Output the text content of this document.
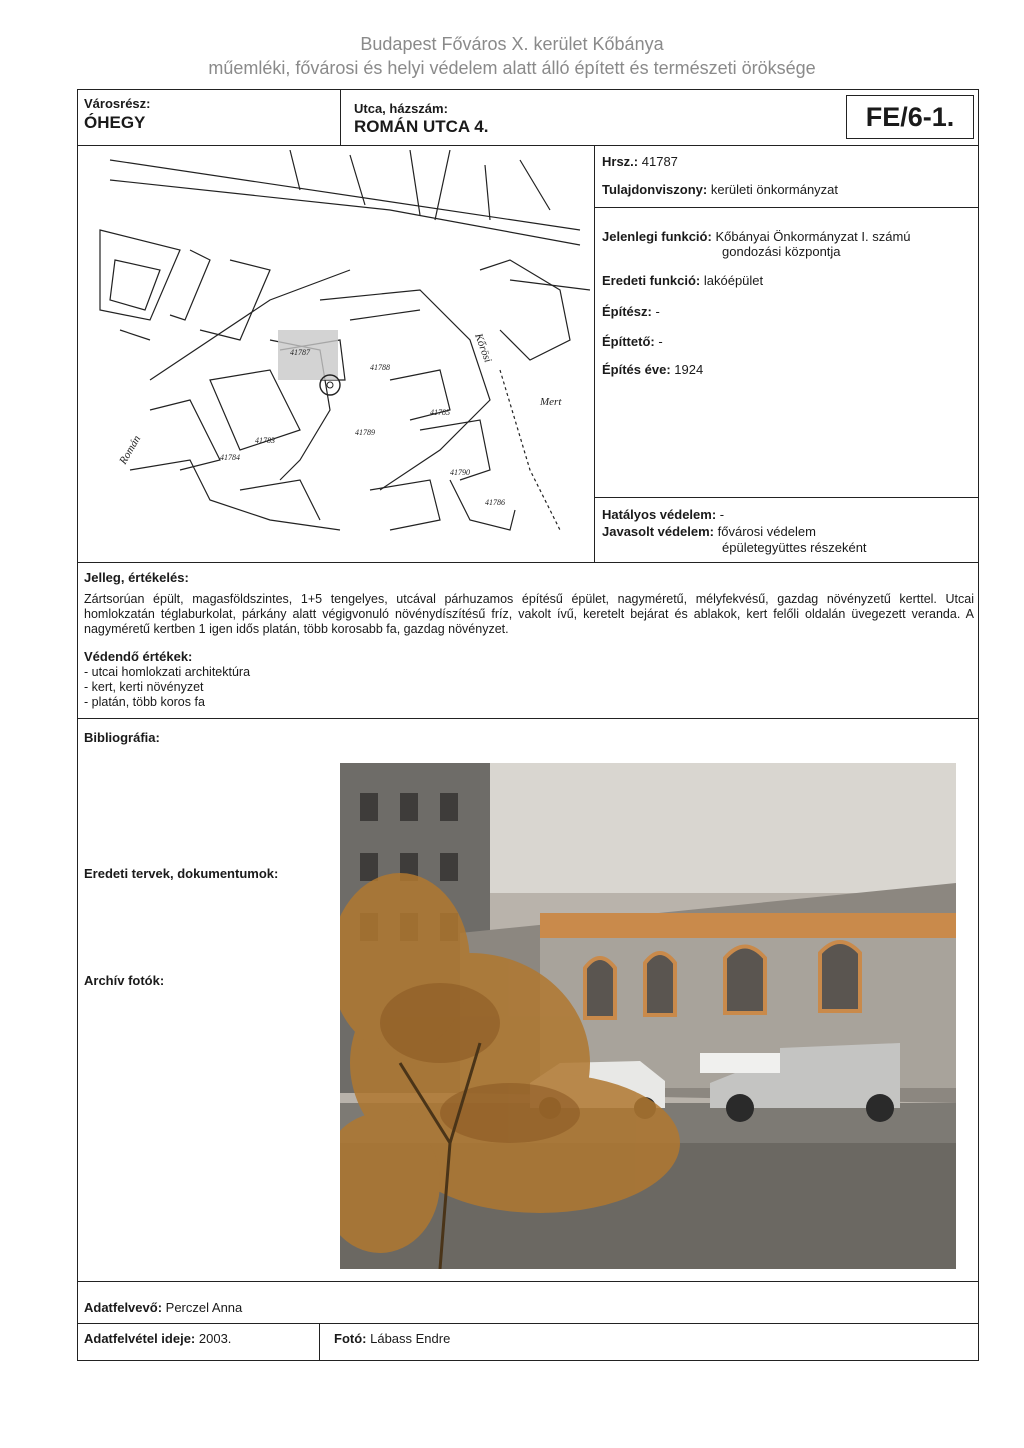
Budapest Főváros X. kerület Kőbánya
műemléki, fővárosi és helyi védelem alatt álló épített és természeti öröksége
Városrész:
ÓHEGY
Utca, házszám:
ROMÁN UTCA 4.	FE/6-1.
41787
41788
41785
41789
41783
41784
41790
41786
Mert
Kőrösi
Román
Hrsz.: 41787
Tulajdonviszony: kerületi önkormányzat
Jelenlegi funkció: Kőbányai Önkormányzat I. számú
gondozási központja
Eredeti funkció: lakóépület
Építész: -
Építtető: -
Építés éve: 1924
Hatályos védelem: -
Javasolt védelem: fővárosi védelem
épületegyüttes részeként
Jelleg, értékelés:
Zártsorúan épült, magasföldszintes, 1+5 tengelyes, utcával párhuzamos építésű épület, nagyméretű, mélyfekvésű, gazdag növényzetű kerttel. Utcai homlokzatán téglaburkolat, párkány alatt végigvonuló növénydíszítésű fríz, vakolt ívű, keretelt bejárat és ablakok, kert felőli oldalán üvegezett veranda. A nagyméretű kertben 1 igen idős platán, több korosabb fa, gazdag növényzet.
Védendő értékek:
- utcai homlokzati architektúra
- kert, kerti növényzet
- platán, több koros fa
Bibliográfia:
Eredeti tervek, dokumentumok:
Archív fotók:
Adatfelvevő: Perczel Anna
Adatfelvétel ideje: 2003.	Fotó: Lábass Endre
